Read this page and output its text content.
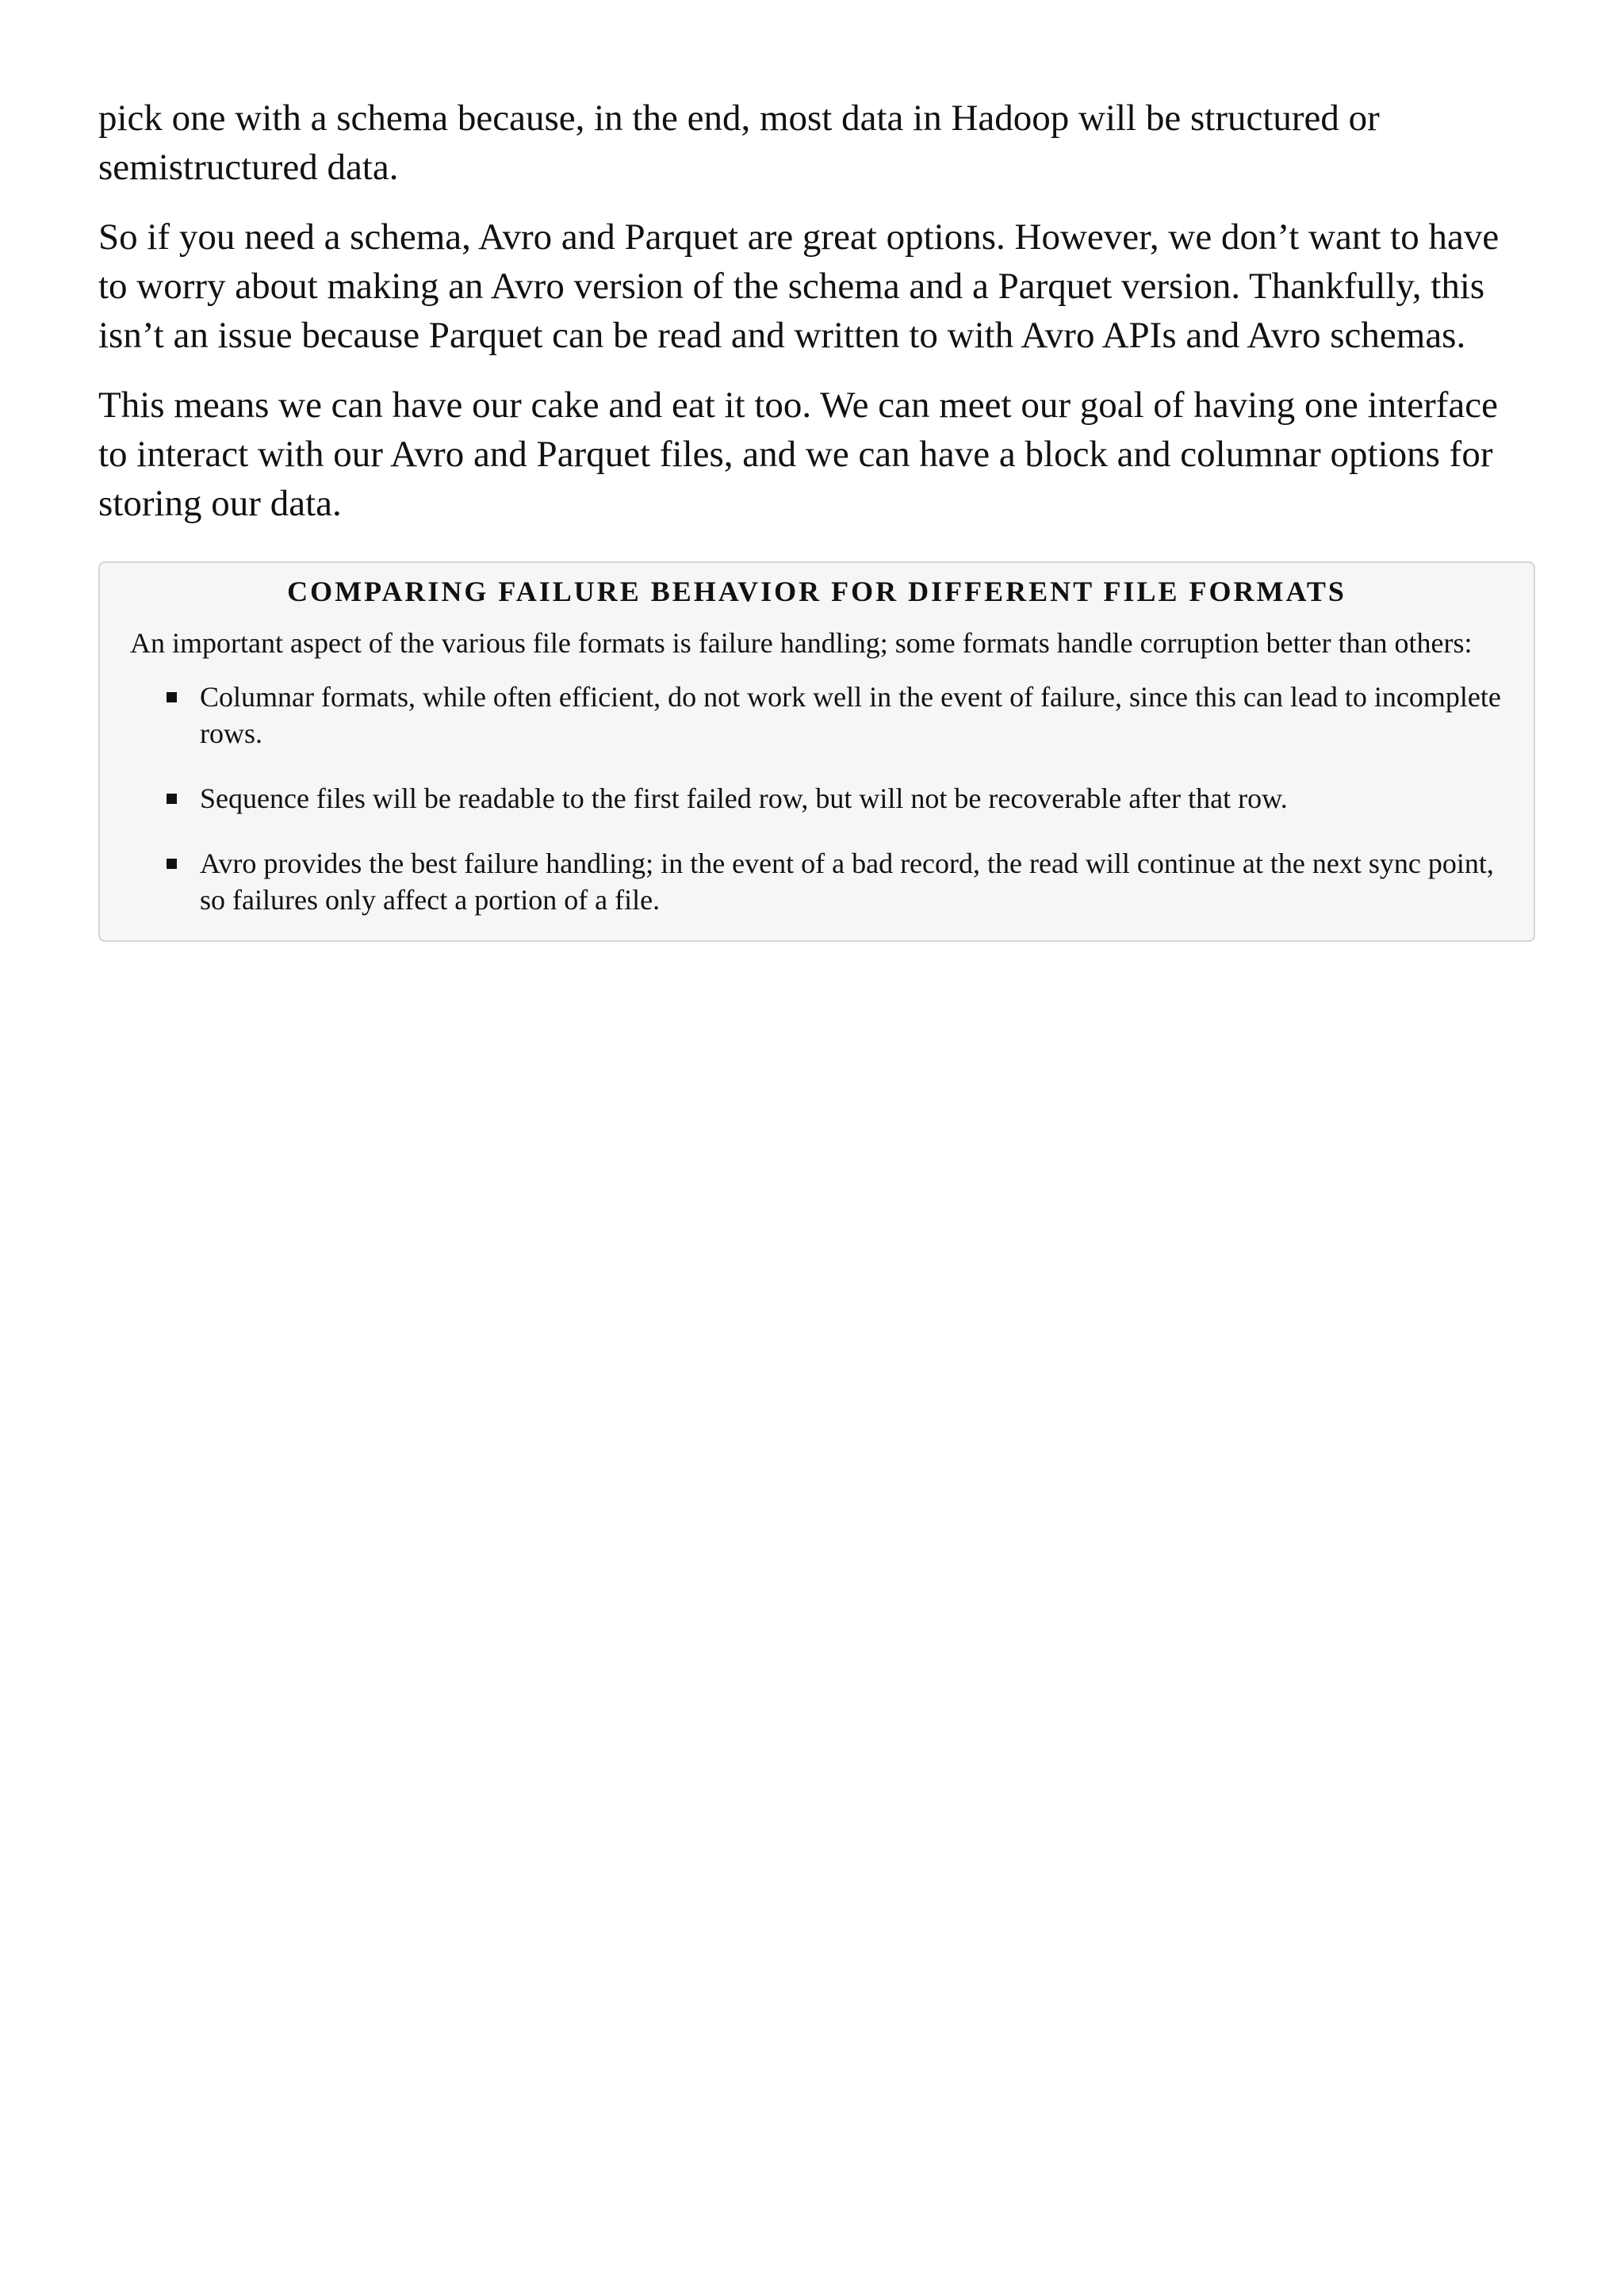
pick one with a schema because, in the end, most data in Hadoop will be structured or semistructured data.

So if you need a schema, Avro and Parquet are great options. However, we don’t want to have to worry about making an Avro version of the schema and a Parquet version. Thankfully, this isn’t an issue because Parquet can be read and written to with Avro APIs and Avro schemas.

This means we can have our cake and eat it too. We can meet our goal of having one interface to interact with our Avro and Parquet files, and we can have a block and columnar options for storing our data.

COMPARING FAILURE BEHAVIOR FOR DIFFERENT FILE FORMATS

An important aspect of the various file formats is failure handling; some formats handle corruption better than others:

Columnar formats, while often efficient, do not work well in the event of failure, since this can lead to incomplete rows.
Sequence files will be readable to the first failed row, but will not be recoverable after that row.
Avro provides the best failure handling; in the event of a bad record, the read will continue at the next sync point, so failures only affect a portion of a file.
